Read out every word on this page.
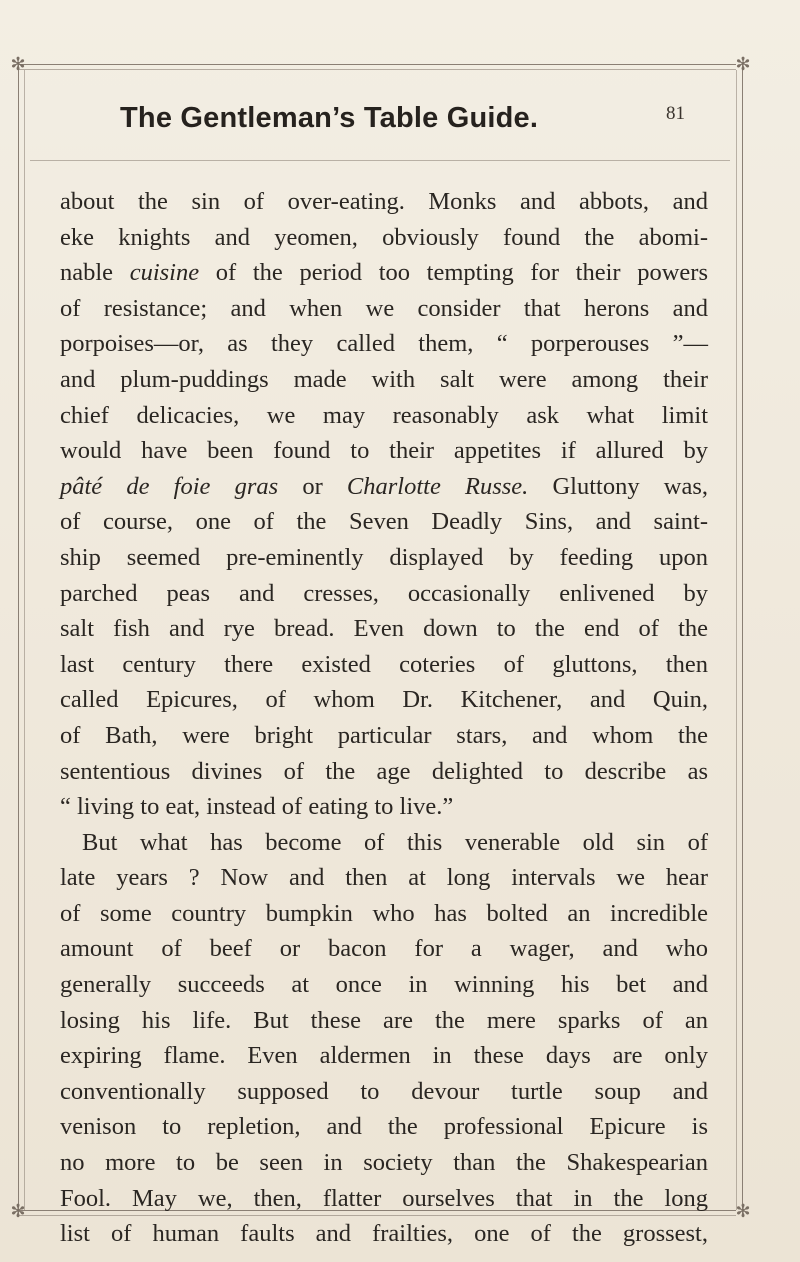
✻	✻
✻	✻
The Gentleman’s Table Guide.	81
about the sin of over-eating. Monks and abbots, and
eke knights and yeomen, obviously found the abomi-
nable cuisine of the period too tempting for their powers
of resistance; and when we consider that herons and
porpoises—or, as they called them, “ porperouses ”—
and plum-puddings made with salt were among their
chief delicacies, we may reasonably ask what limit
would have been found to their appetites if allured by
pâté de foie gras or Charlotte Russe. Gluttony was,
of course, one of the Seven Deadly Sins, and saint-
ship seemed pre-eminently displayed by feeding upon
parched peas and cresses, occasionally enlivened by
salt fish and rye bread. Even down to the end of the
last century there existed coteries of gluttons, then
called Epicures, of whom Dr. Kitchener, and Quin,
of Bath, were bright particular stars, and whom the
sententious divines of the age delighted to describe as
“ living to eat, instead of eating to live.”
But what has become of this venerable old sin of
late years ? Now and then at long intervals we hear
of some country bumpkin who has bolted an incredible
amount of beef or bacon for a wager, and who
generally succeeds at once in winning his bet and
losing his life. But these are the mere sparks of an
expiring flame. Even aldermen in these days are only
conventionally supposed to devour turtle soup and
venison to repletion, and the professional Epicure is
no more to be seen in society than the Shakespearian
Fool. May we, then, flatter ourselves that in the long
list of human faults and frailties, one of the grossest,
